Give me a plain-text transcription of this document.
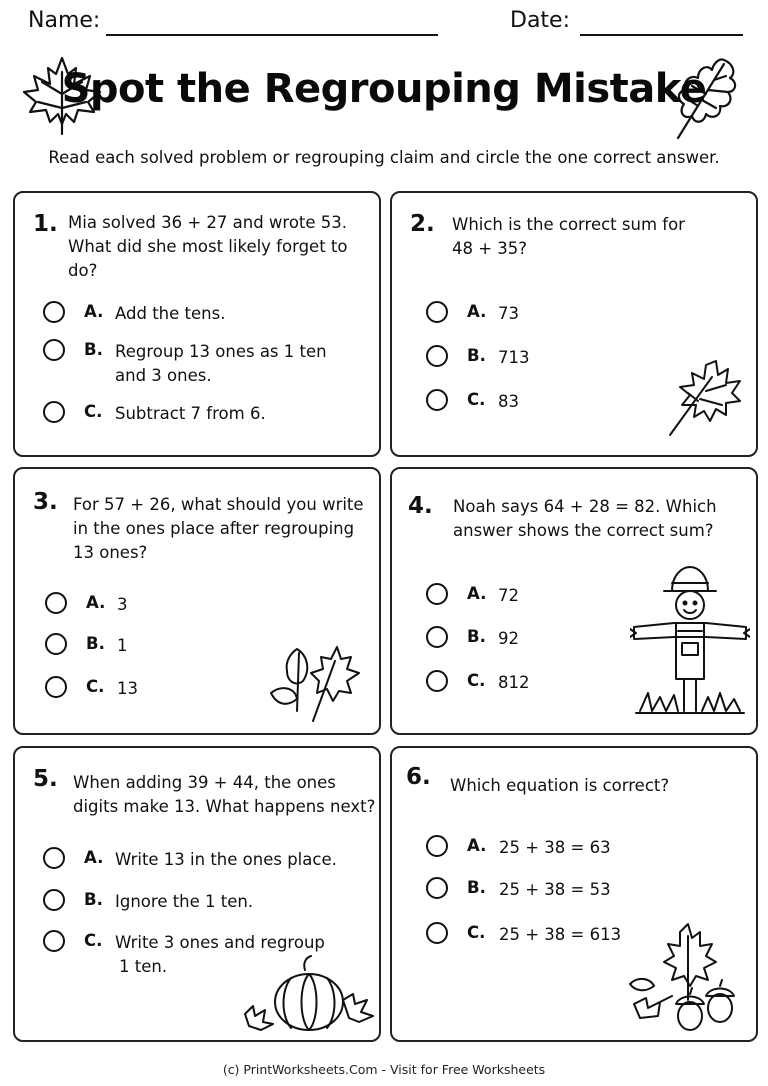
Name:	Date:
Spot the Regrouping Mistake
Read each solved problem or regrouping claim and circle the one correct answer.
1. Mia solved 36 + 27 and wrote 53.
What did she most likely forget to
do?
A. Add the tens.
B. Regroup 13 ones as 1 ten
and 3 ones.
C. Subtract 7 from 6.
2. Which is the correct sum for
48 + 35?
A. 73
B. 713
C. 83
3. For 57 + 26, what should you write
in the ones place after regrouping
13 ones?
A. 3
B. 1
C. 13
4. Noah says 64 + 28 = 82. Which
answer shows the correct sum?
A. 72
B. 92
C. 812
5. When adding 39 + 44, the ones
digits make 13. What happens next?
A. Write 13 in the ones place.
B. Ignore the 1 ten.
C. Write 3 ones and regroup
1 ten.
6. Which equation is correct?
A. 25 + 38 = 63
B. 25 + 38 = 53
C. 25 + 38 = 613
(c) PrintWorksheets.Com - Visit for Free Worksheets
